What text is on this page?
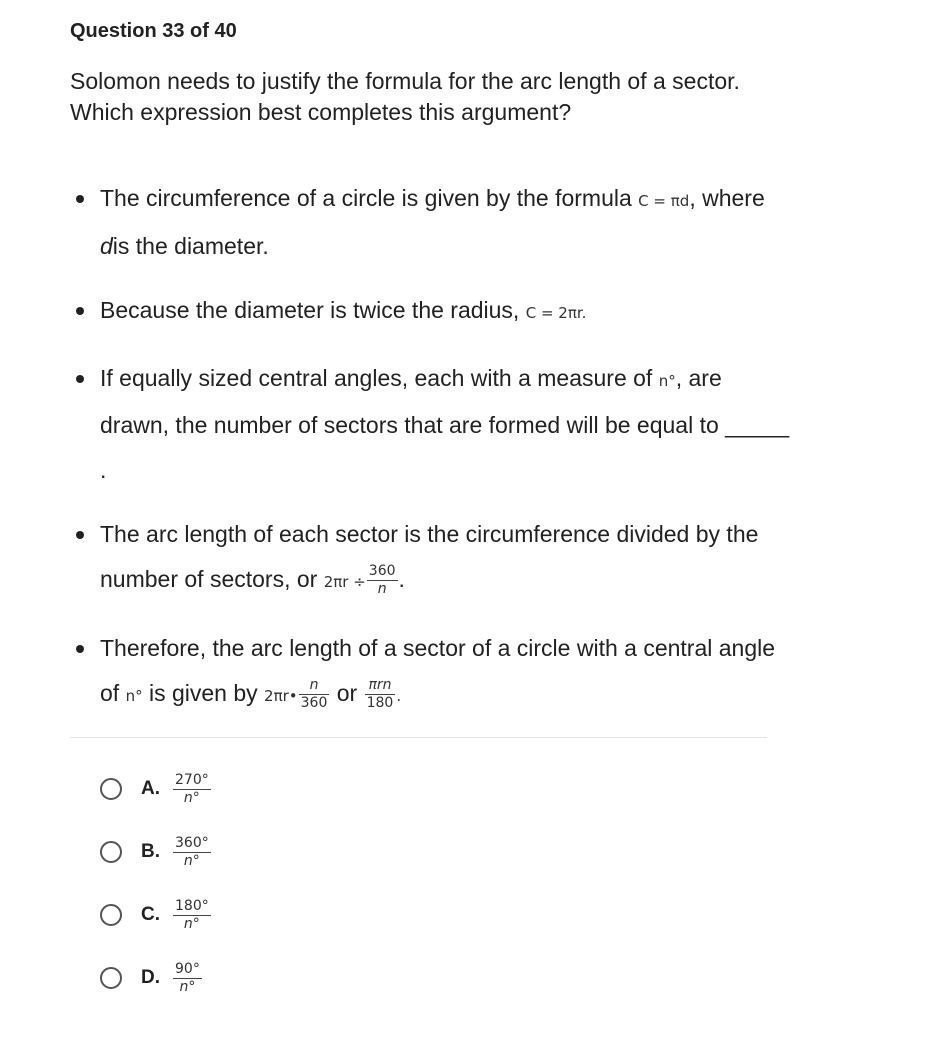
Question 33 of 40
Solomon needs to justify the formula for the arc length of a sector. Which expression best completes this argument?
The circumference of a circle is given by the formula C = πd, where dis the diameter.
Because the diameter is twice the radius, C = 2πr.
If equally sized central angles, each with a measure of n°, are drawn, the number of sectors that are formed will be equal to _____.
The arc length of each sector is the circumference divided by the number of sectors, or $2\pi r \div \frac{360}{n}$ .
Therefore, the arc length of a sector of a circle with a central angle of n° is given by 2πr• $\frac{n}{360}$ or $\frac{\text{πrn}}{180}$ .
A. $\frac{270^\circ}{n^\circ}$
B. $\frac{360^\circ}{n^\circ}$
C. $\frac{180^\circ}{n^\circ}$
D. $\frac{90^\circ}{n^\circ}$
